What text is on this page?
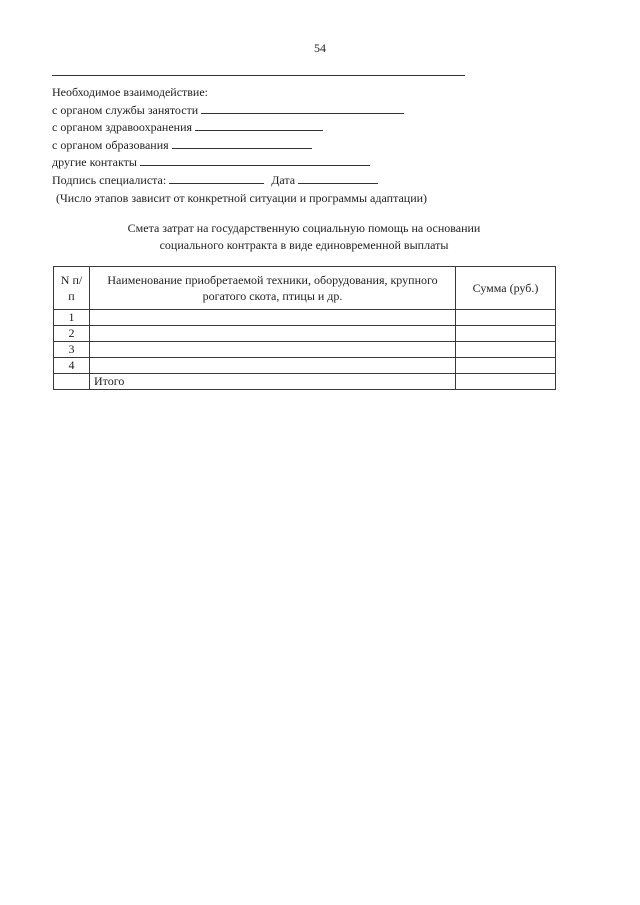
54
Необходимое взаимодействие:
с органом службы занятости
с органом здравоохранения
с органом образования
другие контакты
Подпись специалиста:	Дата
(Число этапов зависит от конкретной ситуации и программы адаптации)
Смета затрат на государственную социальную помощь на основании
социального контракта в виде единовременной выплаты
N п/п	Наименование приобретаемой техники, оборудования, крупного рогатого скота, птицы и др.	Сумма (руб.)
1		
2		
3		
4		
	Итого	
